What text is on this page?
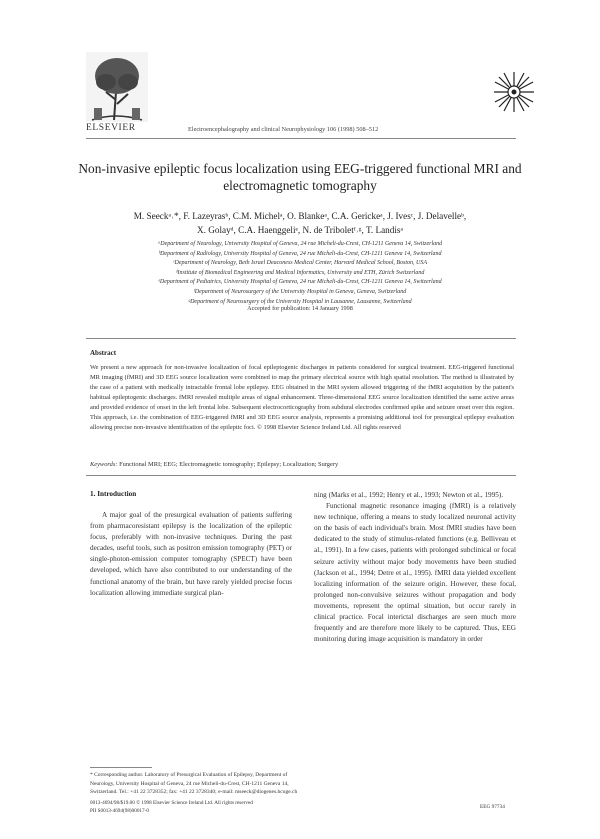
ELSEVIER	Electroencephalography and clinical Neurophysiology 106 (1998) 508–512
Non-invasive epileptic focus localization using EEG-triggered functional MRI and electromagnetic tomography
M. Seeckᵃ˒*, F. Lazeyrasᵇ, C.M. Michelᵃ, O. Blankeᵃ, C.A. Gerickeᵃ, J. Ivesᶜ, J. Delavelleᵇ,
X. Golayᵈ, C.A. Haenggeliᵉ, N. de Triboletᶠ˒ᵍ, T. Landisᵃ
ᵃDepartment of Neurology, University Hospital of Geneva, 24 rue Micheli-du-Crest, CH-1211 Geneva 14, Switzerland
ᵇDepartment of Radiology, University Hospital of Geneva, 24 rue Micheli-du-Crest, CH-1211 Geneva 14, Switzerland
ᶜDepartment of Neurology, Beth Israel Deaconess Medical Center, Harvard Medical School, Boston, USA
ᵈInstitute of Biomedical Engineering and Medical Informatics, University and ETH, Zürich Switzerland
ᵉDepartment of Pediatrics, University Hospital of Geneva, 24 rue Micheli-du-Crest, CH-1211 Geneva 14, Switzerland
ᶠDepartment of Neurosurgery of the University Hospital in Geneva, Geneva, Switzerland
ᵍDepartment of Neurosurgery of the University Hospital in Lausanne, Lausanne, Switzerland
Accepted for publication: 14 January 1998
Abstract
We present a new approach for non-invasive localization of focal epileptogenic discharges in patients considered for surgical treatment. EEG-triggered functional MR imaging (fMRI) and 3D EEG source localization were combined to map the primary electrical source with high spatial resolution. The method is illustrated by the case of a patient with medically intractable frontal lobe epilepsy. EEG obtained in the MRI system allowed triggering of the fMRI acquisition by the patient's habitual epileptogenic discharges. fMRI revealed multiple areas of signal enhancement. Three-dimensional EEG source localization identified the same active areas and provided evidence of onset in the left frontal lobe. Subsequent electrocorticography from subdural electrodes confirmed spike and seizure onset over this region. This approach, i.e. the combination of EEG-triggered fMRI and 3D EEG source analysis, represents a promising additional tool for presurgical epilepsy evaluation allowing precise non-invasive identification of the epileptic foci. © 1998 Elsevier Science Ireland Ltd. All rights reserved
Keywords: Functional MRI; EEG; Electromagnetic tomography; Epilepsy; Localization; Surgery
1. Introduction

A major goal of the presurgical evaluation of patients suffering from pharmacoresistant epilepsy is the localization of the epileptic focus, preferably with non-invasive techniques. During the past decades, useful tools, such as positron emission tomography (PET) or single-photon-emission computer tomography (SPECT) have been developed, which have also contributed to our understanding of the functional anatomy of the brain, but have rarely yielded precise focus localization allowing immediate surgical plan-

ning (Marks et al., 1992; Henry et al., 1993; Newton et al., 1995).

Functional magnetic resonance imaging (fMRI) is a relatively new technique, offering a means to study localized neuronal activity on the basis of each individual's brain. Most fMRI studies have been dedicated to the study of stimulus-related functions (e.g. Belliveau et al., 1991). In a few cases, patients with prolonged subclinical or focal seizure activity without major body movements have been studied (Jackson et al., 1994; Detre et al., 1995). fMRI data yielded excellent localizing information of the seizure origin. However, these focal, prolonged non-convulsive seizures without propagation and body movements, represent the optimal situation, but occur rarely in clinical practice. Focal interictal discharges are seen much more frequently and are therefore more likely to be captured. Thus, EEG monitoring during image acquisition is mandatory in order

* Corresponding author. Laboratory of Presurgical Evaluation of Epilepsy, Department of Neurology, University Hospital of Geneva, 24 rue Micheli-du-Crest, CH-1211 Geneva 14, Switzerland. Tel.: +41 22 3728352; fax: +41 22 3728340; e-mail: mseeck@diogenes.hcuge.ch
0013-4694/98/$19.00 © 1998 Elsevier Science Ireland Ltd. All rights reserved
PII S0013-4694(98)00017-0
EEG 97734
